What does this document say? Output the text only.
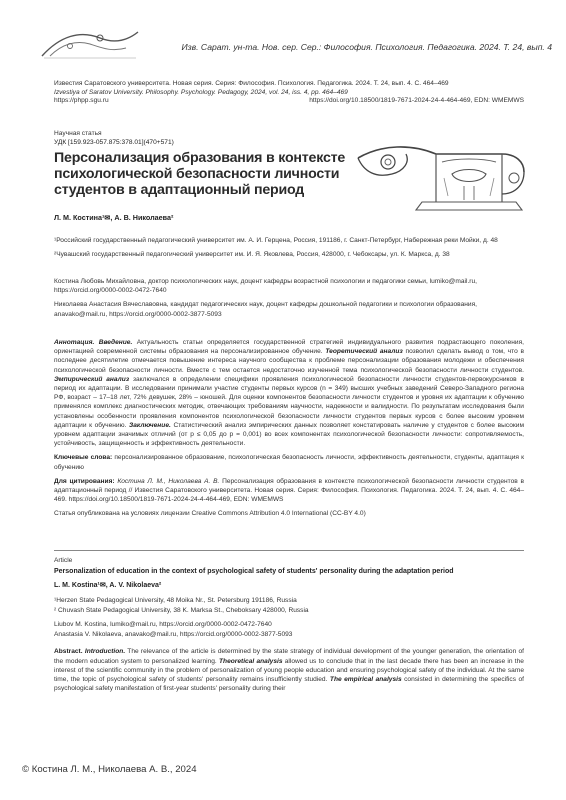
Изв. Сарат. ун-та. Нов. сер. Сер.: Философия. Психология. Педагогика. 2024. Т. 24, вып. 4
Известия Саратовского университета. Новая серия. Серия: Философия. Психология. Педагогика. 2024. Т. 24, вып. 4. С. 464–469
Izvestiya of Saratov University. Philosophy. Psychology. Pedagogy, 2024, vol. 24, iss. 4, pp. 464–469
https://phpp.sgu.ru	https://doi.org/10.18500/1819-7671-2024-24-4-464-469, EDN: WMEMWS
Научная статья
УДК [159.923-057.875:378.01](470+571)
Персонализация образования в контексте психологической безопасности личности студентов в адаптационный период
Л. М. Костина¹✉, А. В. Николаева²

¹Российский государственный педагогический университет им. А. И. Герцена, Россия, 191186, г. Санкт-Петербург, Набережная реки Мойки, д. 48

²Чувашский государственный педагогический университет им. И. Я. Яковлева, Россия, 428000, г. Чебоксары, ул. К. Маркса, д. 38

Костина Любовь Михайловна, доктор психологических наук, доцент кафедры возрастной психологии и педагогики семьи, lumiko@mail.ru, https://orcid.org/0000-0002-0472-7640

Николаева Анастасия Вячеславовна, кандидат педагогических наук, доцент кафедры дошкольной педагогики и психологии образования, anavako@mail.ru, https://orcid.org/0000-0002-3877-5093

Аннотация. Введение. Актуальность статьи определяется государственной стратегией индивидуального развития подрастающего поколения, ориентацией современной системы образования на персонализированное обучение. Теоретический анализ позволил сделать вывод о том, что в последнее десятилетие отмечается повышение интереса научного сообщества к проблеме персонализации образования молодежи и обеспечения психологической безопасности личности. Вместе с тем остается недостаточно изученной тема психологической безопасности личности студентов. Эмпирический анализ заключался в определении специфики проявления психологической безопасности личности студентов-первокурсников в период их адаптации. В исследовании принимали участие студенты первых курсов (n = 349) высших учебных заведений Северо-Западного региона РФ, возраст – 17–18 лет, 72% девушек, 28% – юношей. Для оценки компонентов безопасности личности студентов и уровня их адаптации к обучению применялся комплекс диагностических методик, отвечающих требованиям научности, надежности и валидности. По результатам исследования были установлены особенности проявления компонентов психологической безопасности личности студентов первых курсов с более высоким уровнем адаптации к обучению. Заключение. Статистический анализ эмпирических данных позволяет констатировать наличие у студентов с более высоким уровнем адаптации значимых отличий (от р ≤ 0,05 до р = 0,001) во всех компонентах психологической безопасности личности: сопротивляемость, устойчивость, защищенность и эффективность деятельности.

Ключевые слова: персонализированное образование, психологическая безопасность личности, эффективность деятельности, студенты, адаптация к обучению

Для цитирования: Костина Л. М., Николаева А. В. Персонализация образования в контексте психологической безопасности личности студентов в адаптационный период // Известия Саратовского университета. Новая серия. Серия: Философия. Психология. Педагогика. 2024. Т. 24, вып. 4. С. 464–469. https://doi.org/10.18500/1819-7671-2024-24-4-464-469, EDN: WMEMWS

Статья опубликована на условиях лицензии Creative Commons Attribution 4.0 International (CC-BY 4.0)

Article

Personalization of education in the context of psychological safety of students' personality during the adaptation period

L. M. Kostina¹✉, A. V. Nikolaeva²

¹Herzen State Pedagogical University, 48 Moika Nr., St. Petersburg 191186, Russia

² Chuvash State Pedagogical University, 38 K. Marksa St., Cheboksary 428000, Russia

Liubov M. Kostina, lumiko@mail.ru, https://orcid.org/0000-0002-0472-7640

Anastasia V. Nikolaeva, anavako@mail.ru, https://orcid.org/0000-0002-3877-5093

Abstract. Introduction. The relevance of the article is determined by the state strategy of individual development of the younger generation, the orientation of the modern education system to personalized learning. Theoretical analysis allowed us to conclude that in the last decade there has been an increase in the interest of the scientific community in the problem of personalization of young people education and ensuring psychological safety of the individual. At the same time, the topic of psychological safety of students' personality remains insufficiently studied. The empirical analysis consisted in determining the specifics of psychological safety manifestation of first-year students' personality during their

© Костина Л. М., Николаева А. В., 2024
